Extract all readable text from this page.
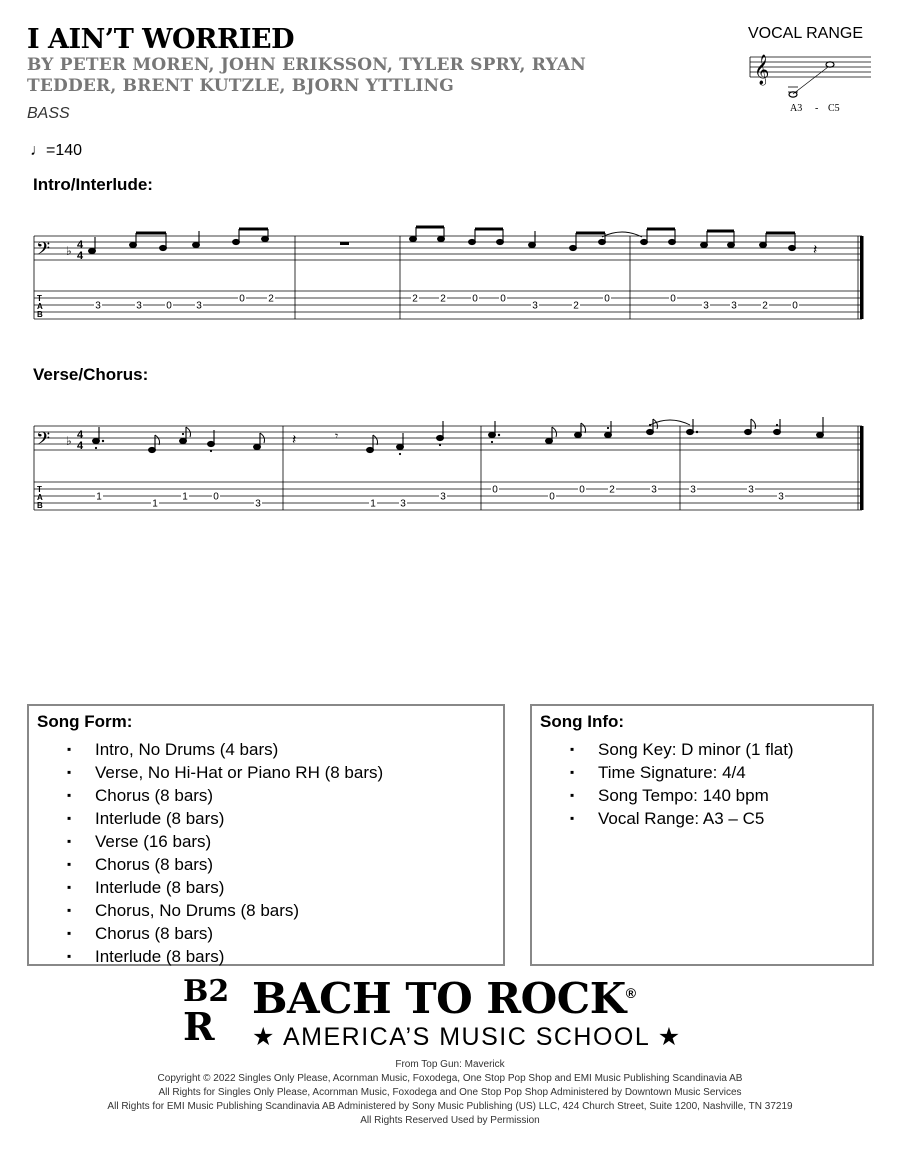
I AIN’T WORRIED
BY PETER MOREN, JOHN ERIKSSON, TYLER SPRY, RYAN TEDDER, BRENT KUTZLE, BJORN YTTLING
BASS
♩=140
VOCAL RANGE
𝄞
A3 - C5
Intro/Interlude:
Verse/Chorus:
𝄢 ♭ 4
4	𝄽
T
A
B
3	3 0 3
0 2	2 2	0 0
3	2
0	0
3 3	2 0
𝄢 ♭ 4
4	𝄽	𝄾
T
A
B
1
1
1	0
3	1 3
3
0
0
0 2	3	3	3
3
Song Form:
▪ Intro, No Drums (4 bars)
▪ Verse, No Hi-Hat or Piano RH (8 bars)
▪ Chorus (8 bars)
▪ Interlude (8 bars)
▪ Verse (16 bars)
▪ Chorus (8 bars)
▪ Interlude (8 bars)
▪ Chorus, No Drums (8 bars)
▪ Chorus (8 bars)
▪ Interlude (8 bars)
Song Info:
▪ Song Key: D minor (1 flat)
▪ Time Signature: 4/4
▪ Song Tempo: 140 bpm
▪ Vocal Range: A3 – C5
B2
R
BACH TO ROCK®
★ AMERICA’S MUSIC SCHOOL ★
From Top Gun: Maverick
Copyright © 2022 Singles Only Please, Acornman Music, Foxodega, One Stop Pop Shop and EMI Music Publishing Scandinavia AB
All Rights for Singles Only Please, Acornman Music, Foxodega and One Stop Pop Shop Administered by Downtown Music Services
All Rights for EMI Music Publishing Scandinavia AB Administered by Sony Music Publishing (US) LLC, 424 Church Street, Suite 1200, Nashville, TN 37219
All Rights Reserved Used by Permission
